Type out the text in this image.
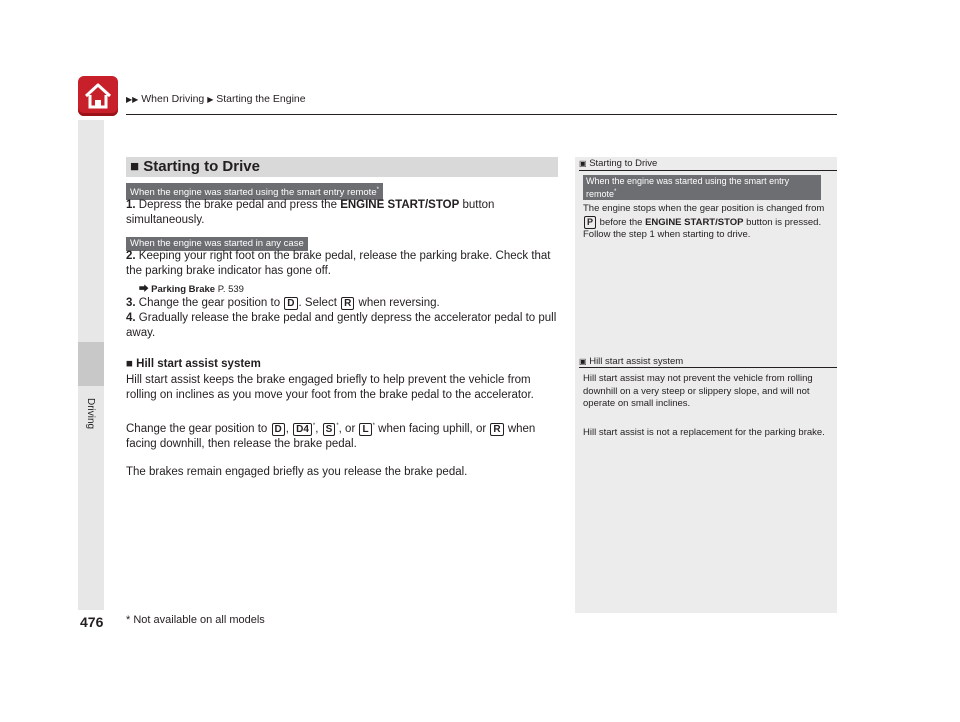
Driving
▶▶ When Driving ▶ Starting the Engine
■ Starting to Drive
When the engine was started using the smart entry remote*
1. Depress the brake pedal and press the ENGINE START/STOP button simultaneously.
When the engine was started in any case
2. Keeping your right foot on the brake pedal, release the parking brake. Check that the parking brake indicator has gone off.
⮕ Parking Brake P. 539
3. Change the gear position to D . Select R when reversing.
4. Gradually release the brake pedal and gently depress the accelerator pedal to pull away.
■ Hill start assist system
Hill start assist keeps the brake engaged briefly to help prevent the vehicle from rolling on inclines as you move your foot from the brake pedal to the accelerator.
Change the gear position to D , D4 *, S *, or L * when facing uphill, or R when facing downhill, then release the brake pedal.
The brakes remain engaged briefly as you release the brake pedal.
▣ Starting to Drive
When the engine was started using the smart entry remote*
The engine stops when the gear position is changed from P before the ENGINE START/STOP button is pressed. Follow the step 1 when starting to drive.
▣ Hill start assist system
Hill start assist may not prevent the vehicle from rolling downhill on a very steep or slippery slope, and will not operate on small inclines.
Hill start assist is not a replacement for the parking brake.
476 * Not available on all models
